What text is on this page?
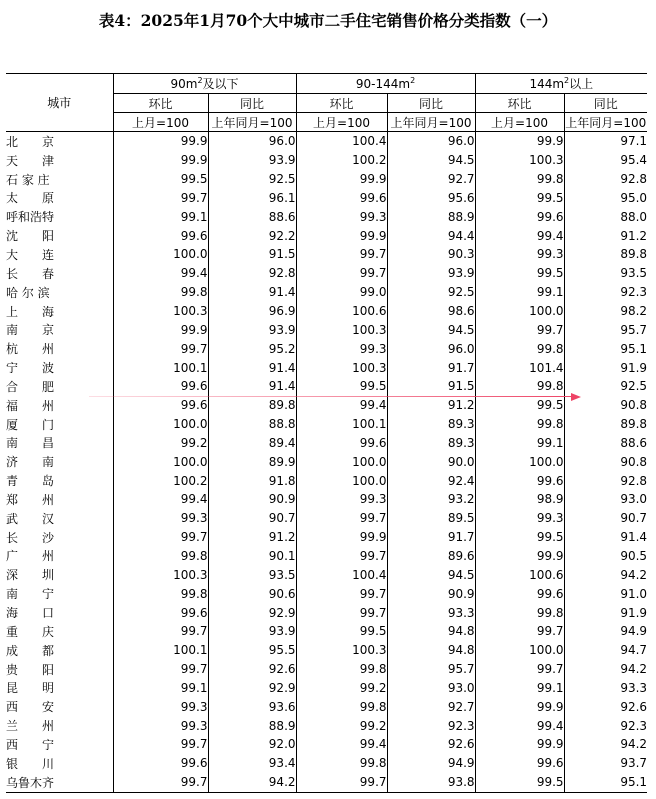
表4：2025年1月70个大中城市二手住宅销售价格分类指数（一）
城市	$90m^2$及以下		$90-144m^2$		$144m^2$以上	
	环比	同比	环比	同比	环比	同比
	上月=100	上年同月=100	上月=100	上年同月=100	上月=100	上年同月=100
北　　京	99.9	96.0	100.4	96.0	99.9	97.1
天　　津	99.9	93.9	100.2	94.5	100.3	95.4
石 家 庄	99.5	92.5	99.9	92.7	99.8	92.8
太　　原	99.7	96.1	99.6	95.6	99.5	95.0
呼和浩特	99.1	88.6	99.3	88.9	99.6	88.0
沈　　阳	99.6	92.2	99.9	94.4	99.4	91.2
大　　连	100.0	91.5	99.7	90.3	99.3	89.8
长　　春	99.4	92.8	99.7	93.9	99.5	93.5
哈 尔 滨	99.8	91.4	99.0	92.5	99.1	92.3
上　　海	100.3	96.9	100.6	98.6	100.0	98.2
南　　京	99.9	93.9	100.3	94.5	99.7	95.7
杭　　州	99.7	95.2	99.3	96.0	99.8	95.1
宁　　波	100.1	91.4	100.3	91.7	101.4	91.9
合　　肥	99.6	91.4	99.5	91.5	99.8	92.5
福　　州	99.6	89.8	99.4	91.2	99.5	90.8
厦　　门	100.0	88.8	100.1	89.3	99.8	89.8
南　　昌	99.2	89.4	99.6	89.3	99.1	88.6
济　　南	100.0	89.9	100.0	90.0	100.0	90.8
青　　岛	100.2	91.8	100.0	92.4	99.6	92.8
郑　　州	99.4	90.9	99.3	93.2	98.9	93.0
武　　汉	99.3	90.7	99.7	89.5	99.3	90.7
长　　沙	99.7	91.2	99.9	91.7	99.5	91.4
广　　州	99.8	90.1	99.7	89.6	99.9	90.5
深　　圳	100.3	93.5	100.4	94.5	100.6	94.2
南　　宁	99.8	90.6	99.7	90.9	99.6	91.0
海　　口	99.6	92.9	99.7	93.3	99.8	91.9
重　　庆	99.7	93.9	99.5	94.8	99.7	94.9
成　　都	100.1	95.5	100.3	94.8	100.0	94.7
贵　　阳	99.7	92.6	99.8	95.7	99.7	94.2
昆　　明	99.1	92.9	99.2	93.0	99.1	93.3
西　　安	99.3	93.6	99.8	92.7	99.9	92.6
兰　　州	99.3	88.9	99.2	92.3	99.4	92.3
西　　宁	99.7	92.0	99.4	92.6	99.9	94.2
银　　川	99.6	93.4	99.8	94.9	99.6	93.7
乌鲁木齐	99.7	94.2	99.7	93.8	99.5	95.1
